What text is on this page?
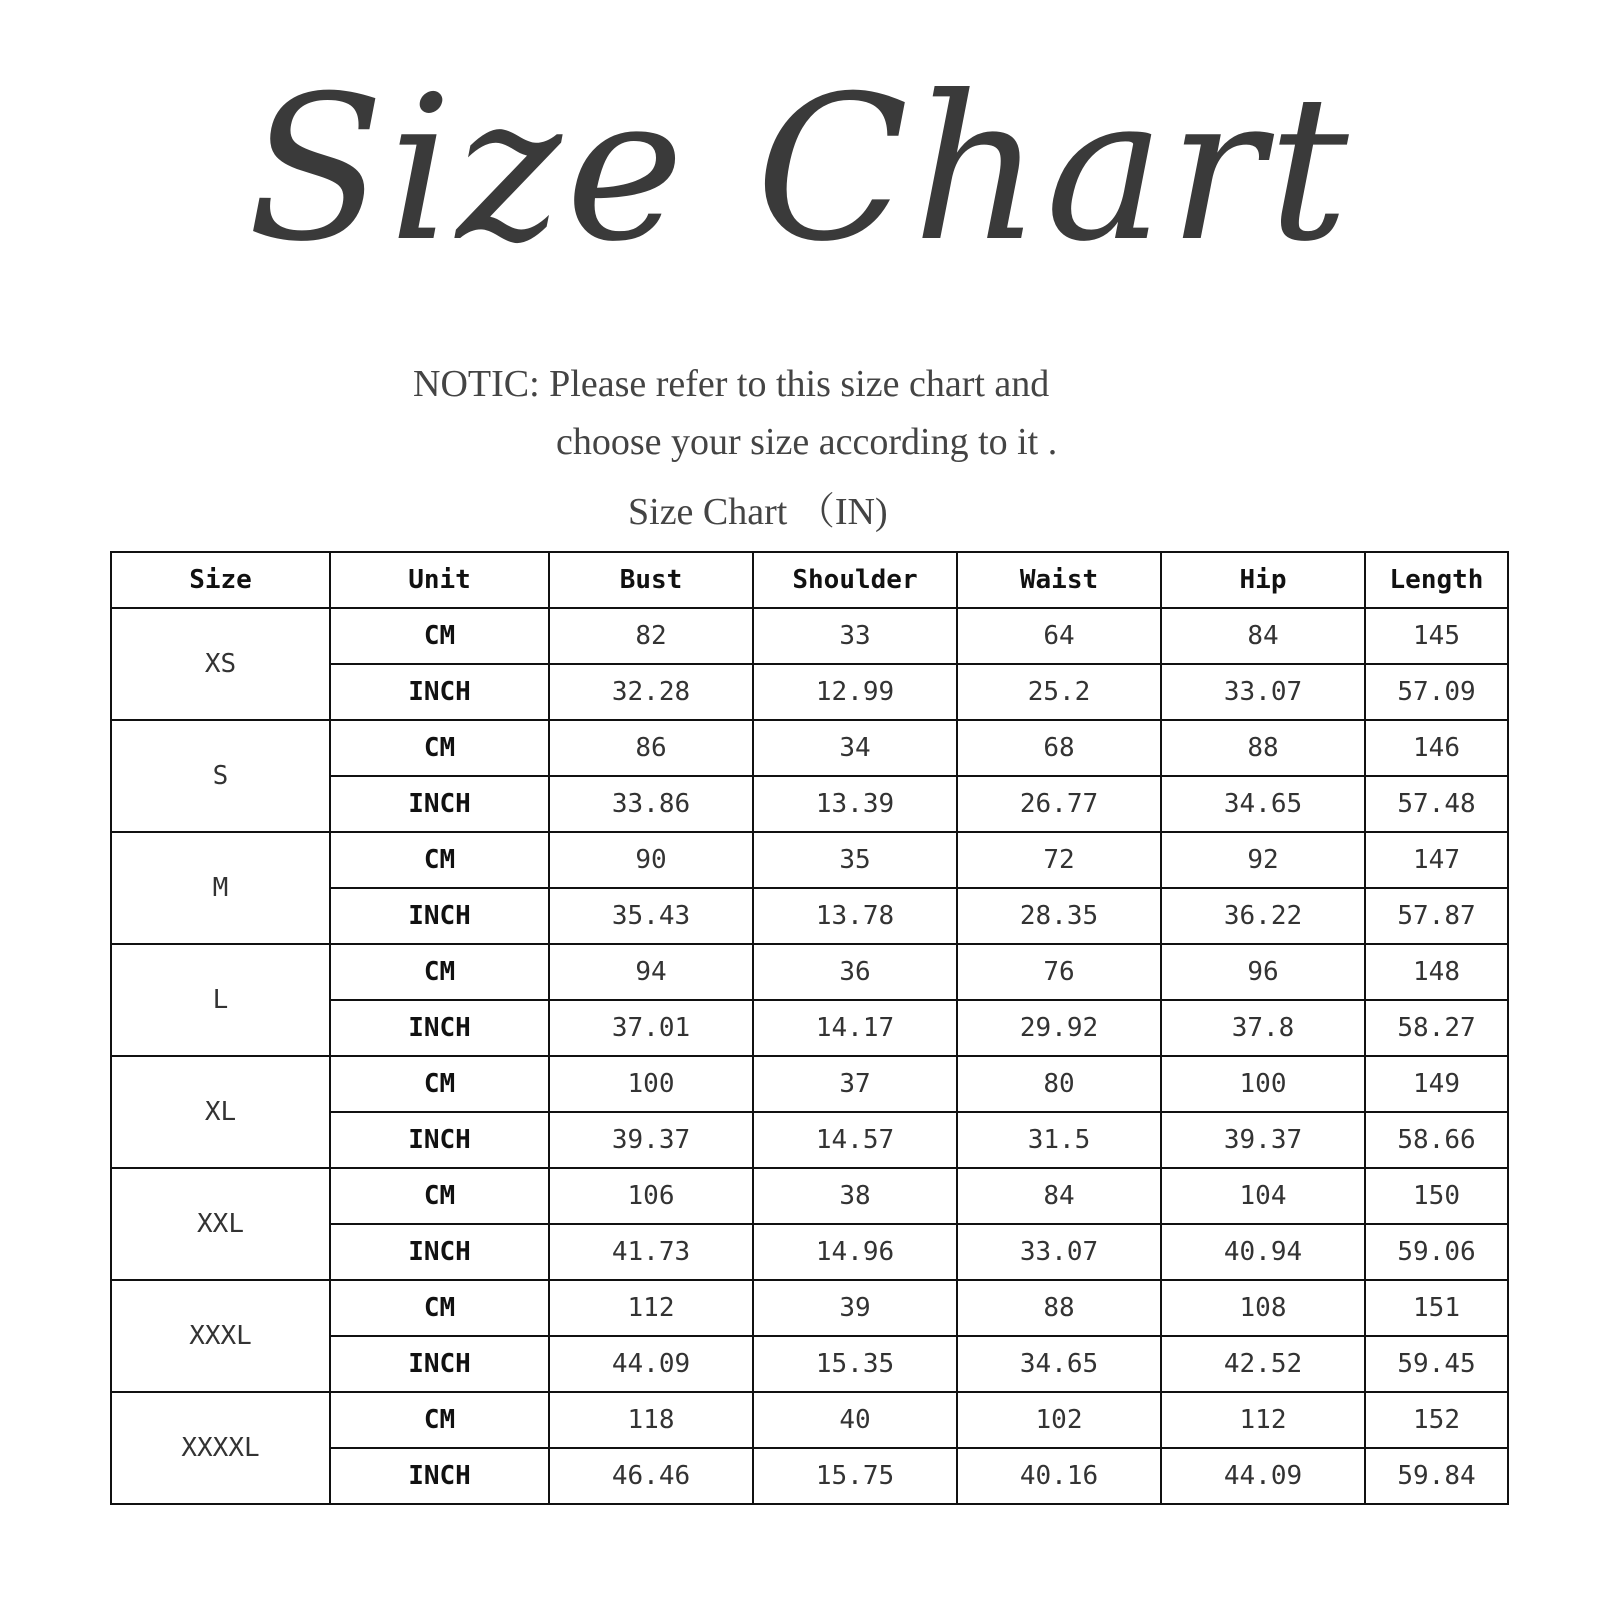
Size Chart
NOTIC: Please refer to this size chart and
choose your size according to it .
Size Chart （IN)
Size	Unit	Bust	Shoulder	Waist	Hip	Length
XS	CM	82	33	64	84	145
	INCH	32.28	12.99	25.2	33.07	57.09
S	CM	86	34	68	88	146
	INCH	33.86	13.39	26.77	34.65	57.48
M	CM	90	35	72	92	147
	INCH	35.43	13.78	28.35	36.22	57.87
L	CM	94	36	76	96	148
	INCH	37.01	14.17	29.92	37.8	58.27
XL	CM	100	37	80	100	149
	INCH	39.37	14.57	31.5	39.37	58.66
XXL	CM	106	38	84	104	150
	INCH	41.73	14.96	33.07	40.94	59.06
XXXL	CM	112	39	88	108	151
	INCH	44.09	15.35	34.65	42.52	59.45
XXXXL	CM	118	40	102	112	152
	INCH	46.46	15.75	40.16	44.09	59.84
